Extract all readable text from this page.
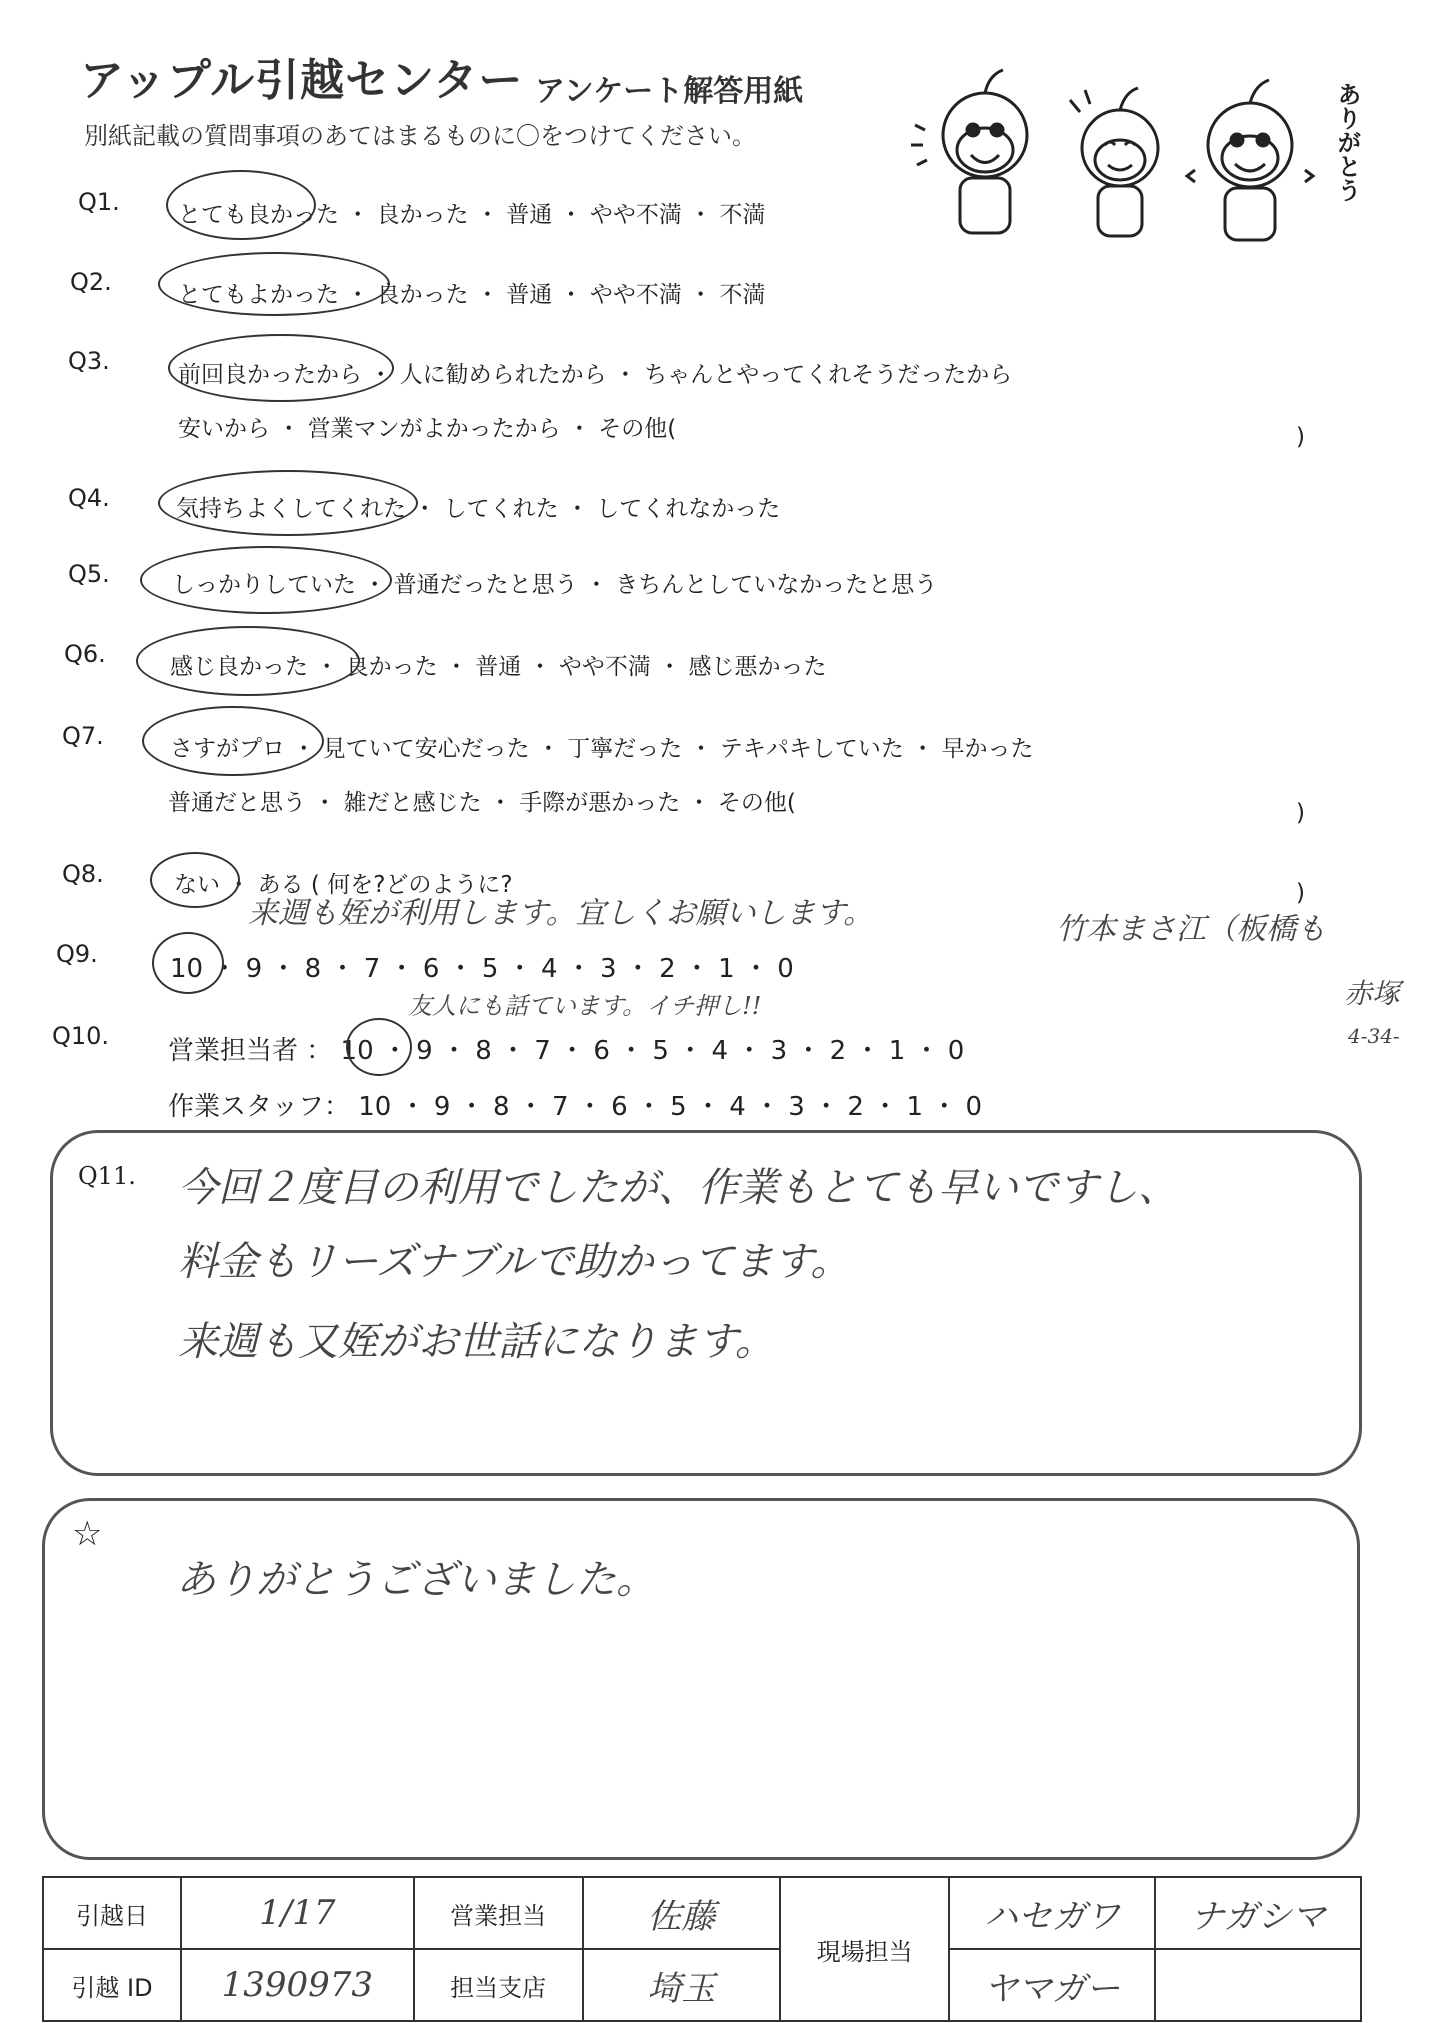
アップル引越センター アンケート解答用紙
別紙記載の質問事項のあてはまるものに〇をつけてください。	ありがとう
Q1.	とても良かった ・ 良かった ・ 普通 ・ やや不満 ・ 不満
Q2.	とてもよかった ・ 良かった ・ 普通 ・ やや不満 ・ 不満
Q3.	前回良かったから ・ 人に勧められたから ・ ちゃんとやってくれそうだったから
安いから ・ 営業マンがよかったから ・ その他(	)
Q4.	気持ちよくしてくれた ・ してくれた ・ してくれなかった
Q5.	しっかりしていた ・ 普通だったと思う ・ きちんとしていなかったと思う
Q6.	感じ良かった ・ 良かった ・ 普通 ・ やや不満 ・ 感じ悪かった
Q7.	さすがプロ ・ 見ていて安心だった ・ 丁寧だった ・ テキパキしていた ・ 早かった
普通だと思う ・ 雑だと感じた ・ 手際が悪かった ・ その他(	)
Q8.	ない ・ ある ( 何を?どのように?	)
Q9.	10 ・ 9 ・ 8 ・ 7 ・ 6 ・ 5 ・ 4 ・ 3 ・ 2 ・ 1 ・ 0
来週も姪が利用します。宜しくお願いします。	竹本まさ江（板橋も
赤塚
4-34-
Q10. 営業担当者 ： 10 ・ 9 ・ 8 ・ 7 ・ 6 ・ 5 ・ 4 ・ 3 ・ 2 ・ 1 ・ 0
作業スタッフ： 10 ・ 9 ・ 8 ・ 7 ・ 6 ・ 5 ・ 4 ・ 3 ・ 2 ・ 1 ・ 0
友人にも話ています。イチ押し!!
Q11. 今回２度目の利用でしたが、作業もとても早いですし、
料金もリーズナブルで助かってます。
来週も又姪がお世話になります。
☆
ありがとうございました。
引越日	1/17	営業担当	佐藤	現場担当	ハセガワ	ナガシマ
引越 ID	1390973	担当支店	埼玉		ヤマガー	
